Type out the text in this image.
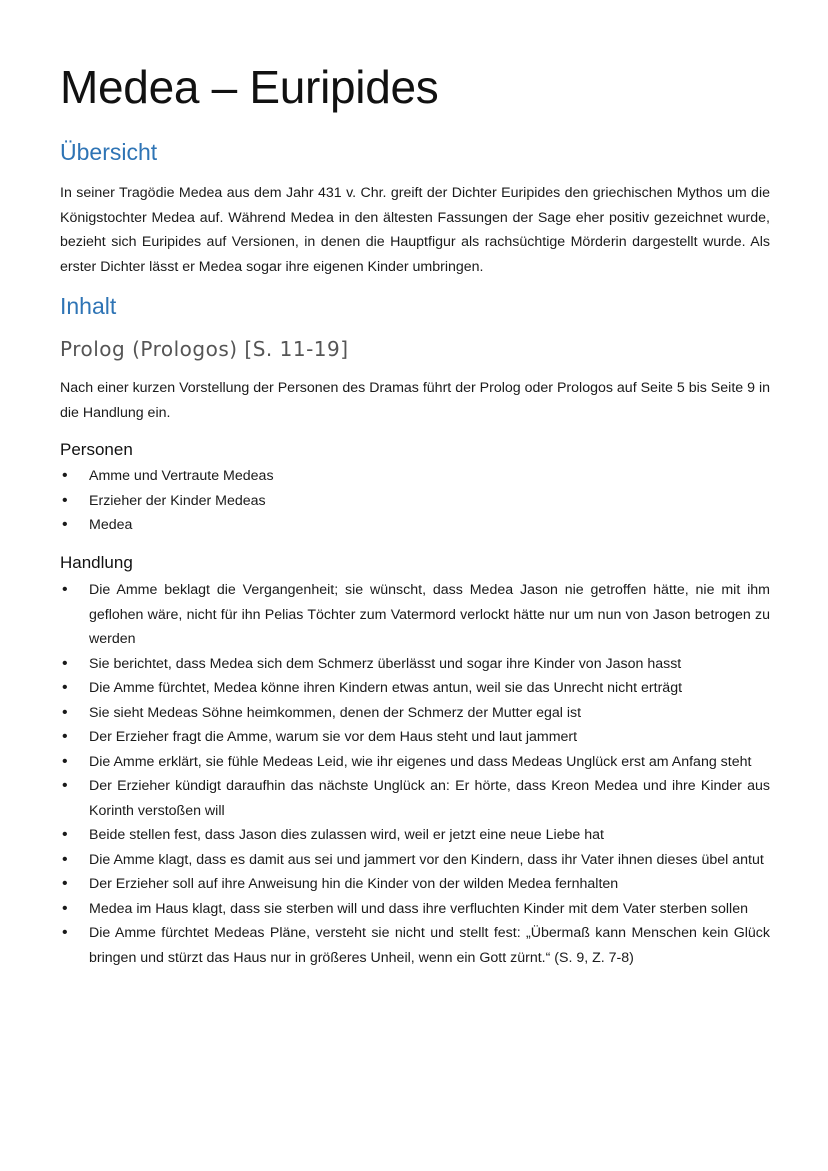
Medea – Euripides
Übersicht

In seiner Tragödie Medea aus dem Jahr 431 v. Chr. greift der Dichter Euripides den griechischen Mythos um die Königstochter Medea auf. Während Medea in den ältesten Fassungen der Sage eher positiv gezeichnet wurde, bezieht sich Euripides auf Versionen, in denen die Hauptfigur als rachsüchtige Mörderin dargestellt wurde. Als erster Dichter lässt er Medea sogar ihre eigenen Kinder umbringen.

Inhalt
Prolog (Prologos) [S. 11-19]

Nach einer kurzen Vorstellung der Personen des Dramas führt der Prolog oder Prologos auf Seite 5 bis Seite 9 in die Handlung ein.

Personen
• Amme und Vertraute Medeas
• Erzieher der Kinder Medeas
• Medea
Handlung
• Die Amme beklagt die Vergangenheit; sie wünscht, dass Medea Jason nie getroffen hätte, nie mit ihm geflohen wäre, nicht für ihn Pelias Töchter zum Vatermord verlockt hätte nur um nun von Jason betrogen zu werden
• Sie berichtet, dass Medea sich dem Schmerz überlässt und sogar ihre Kinder von Jason hasst
• Die Amme fürchtet, Medea könne ihren Kindern etwas antun, weil sie das Unrecht nicht erträgt
• Sie sieht Medeas Söhne heimkommen, denen der Schmerz der Mutter egal ist
• Der Erzieher fragt die Amme, warum sie vor dem Haus steht und laut jammert
• Die Amme erklärt, sie fühle Medeas Leid, wie ihr eigenes und dass Medeas Unglück erst am Anfang steht
• Der Erzieher kündigt daraufhin das nächste Unglück an: Er hörte, dass Kreon Medea und ihre Kinder aus Korinth verstoßen will
• Beide stellen fest, dass Jason dies zulassen wird, weil er jetzt eine neue Liebe hat
• Die Amme klagt, dass es damit aus sei und jammert vor den Kindern, dass ihr Vater ihnen dieses übel antut
• Der Erzieher soll auf ihre Anweisung hin die Kinder von der wilden Medea fernhalten
• Medea im Haus klagt, dass sie sterben will und dass ihre verfluchten Kinder mit dem Vater sterben sollen
• Die Amme fürchtet Medeas Pläne, versteht sie nicht und stellt fest: „Übermaß kann Menschen kein Glück bringen und stürzt das Haus nur in größeres Unheil, wenn ein Gott zürnt.“ (S. 9, Z. 7-8)
